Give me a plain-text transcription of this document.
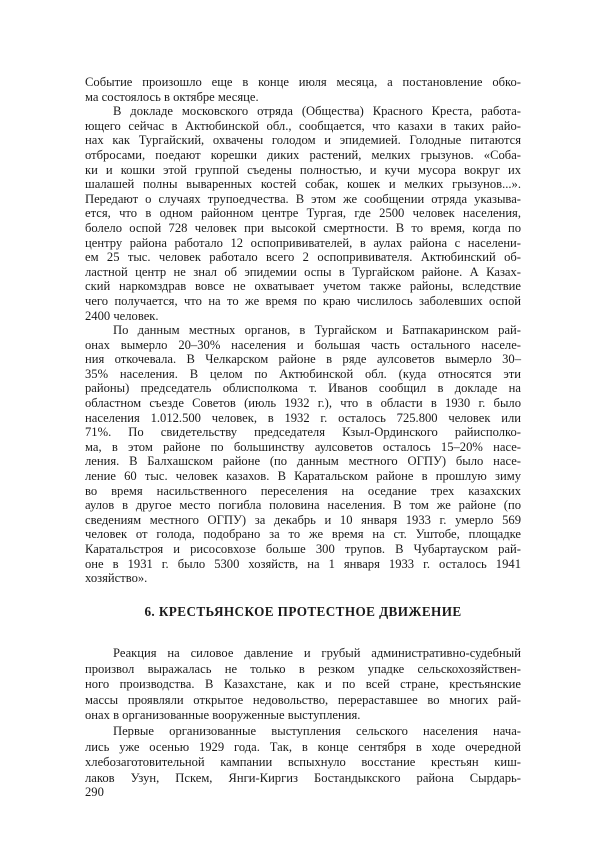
Событие произошло еще в конце июля месяца, а постановление обко-
ма состоялось в октябре месяце.
В докладе московского отряда (Общества) Красного Креста, работа-
ющего сейчас в Актюбинской обл., сообщается, что казахи в таких райо-
нах как Тургайский, охвачены голодом и эпидемией. Голодные питаются
отбросами, поедают корешки диких растений, мелких грызунов. «Соба-
ки и кошки этой группой съедены полностью, и кучи мусора вокруг их
шалашей полны вываренных костей собак, кошек и мелких грызунов...».
Передают о случаях трупоедчества. В этом же сообщении отряда указыва-
ется, что в одном районном центре Тургая, где 2500 человек населения,
болело оспой 728 человек при высокой смертности. В то время, когда по
центру района работало 12 оспопрививателей, в аулах района с населени-
ем 25 тыс. человек работало всего 2 оспопрививателя. Актюбинский об-
ластной центр не знал об эпидемии оспы в Тургайском районе. А Казах-
ский наркомздрав вовсе не охватывает учетом также районы, вследствие
чего получается, что на то же время по краю числилось заболевших оспой
2400 человек.
По данным местных органов, в Тургайском и Батпакаринском рай-
онах вымерло 20–30% населения и большая часть остального населе-
ния откочевала. В Челкарском районе в ряде аулсоветов вымерло 30–
35% населения. В целом по Актюбинской обл. (куда относятся эти
районы) председатель облисполкома т. Иванов сообщил в докладе на
областном съезде Советов (июль 1932 г.), что в области в 1930 г. было
населения 1.012.500 человек, в 1932 г. осталось 725.800 человек или
71%. По свидетельству председателя Кзыл-Ординского райисполко-
ма, в этом районе по большинству аулсоветов осталось 15–20% насе-
ления. В Балхашском районе (по данным местного ОГПУ) было насе-
ление 60 тыс. человек казахов. В Каратальском районе в прошлую зиму
во время насильственного переселения на оседание трех казахских
аулов в другое место погибла половина населения. В том же районе (по
сведениям местного ОГПУ) за декабрь и 10 января 1933 г. умерло 569
человек от голода, подобрано за то же время на ст. Уштобе, площадке
Каратальстроя и рисосовхозе больше 300 трупов. В Чубартауском рай-
оне в 1931 г. было 5300 хозяйств, на 1 января 1933 г. осталось 1941
хозяйство».
6. КРЕСТЬЯНСКОЕ ПРОТЕСТНОЕ ДВИЖЕНИЕ
Реакция на силовое давление и грубый административно-судебный
произвол выражалась не только в резком упадке сельскохозяйствен-
ного производства. В Казахстане, как и по всей стране, крестьянские
массы проявляли открытое недовольство, перераставшее во многих рай-
онах в организованные вооруженные выступления.
Первые организованные выступления сельского населения нача-
лись уже осенью 1929 года. Так, в конце сентября в ходе очередной
хлебозаготовительной кампании вспыхнуло восстание крестьян киш-
лаков Узун, Пскем, Янги-Киргиз Бостандыкского района Сырдарь-
290
